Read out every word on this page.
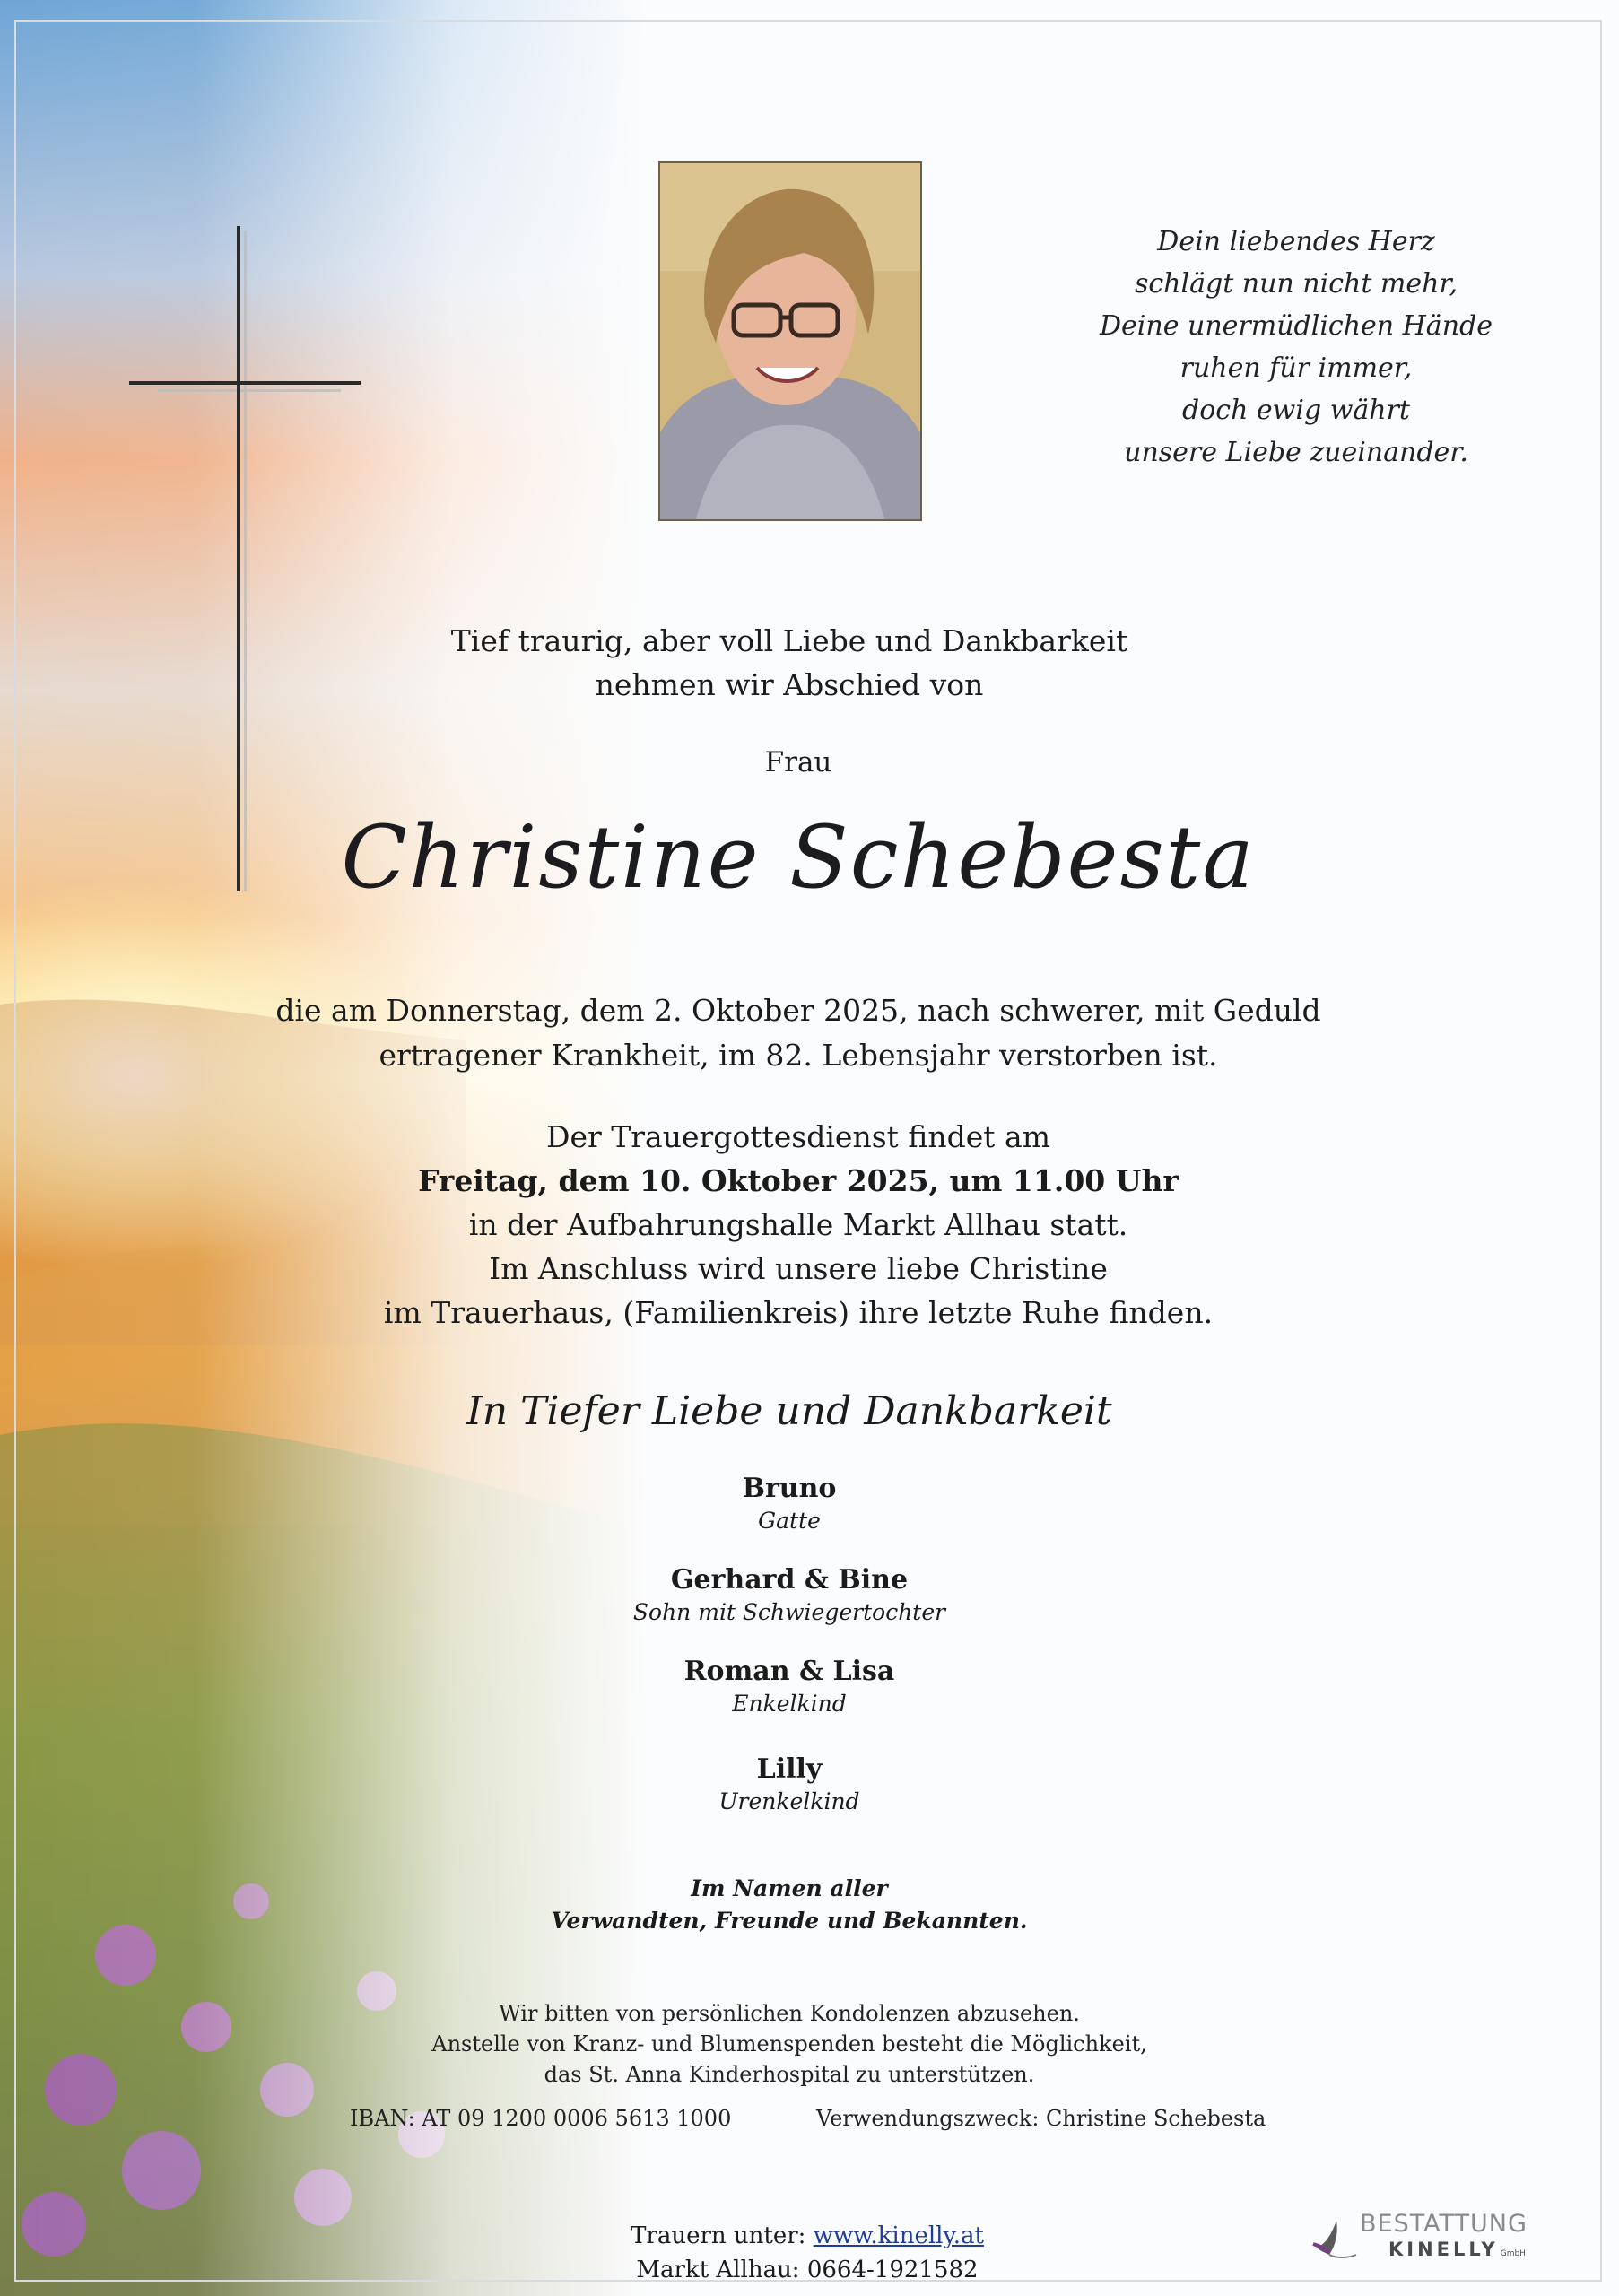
Dein liebendes Herz
schlägt nun nicht mehr,
Deine unermüdlichen Hände
ruhen für immer,
doch ewig währt
unsere Liebe zueinander.
Tief traurig, aber voll Liebe und Dankbarkeit
nehmen wir Abschied von
Frau
Christine Schebesta
die am Donnerstag, dem 2. Oktober 2025, nach schwerer, mit Geduld
ertragener Krankheit, im 82. Lebensjahr verstorben ist.
Der Trauergottesdienst findet am
Freitag, dem 10. Oktober 2025, um 11.00 Uhr
in der Aufbahrungshalle Markt Allhau statt.
Im Anschluss wird unsere liebe Christine
im Trauerhaus, (Familienkreis) ihre letzte Ruhe finden.
In Tiefer Liebe und Dankbarkeit
Bruno
Gatte
Gerhard & Bine
Sohn mit Schwiegertochter
Roman & Lisa
Enkelkind
Lilly
Urenkelkind
Im Namen aller
Verwandten, Freunde und Bekannten.
Wir bitten von persönlichen Kondolenzen abzusehen.
Anstelle von Kranz- und Blumenspenden besteht die Möglichkeit,
das St. Anna Kinderhospital zu unterstützen.
IBAN: AT 09 1200 0006 5613 1000	Verwendungszweck: Christine Schebesta
Trauern unter: www.kinelly.at
Markt Allhau: 0664-1921582
BESTATTUNG
KINELLY GmbH
